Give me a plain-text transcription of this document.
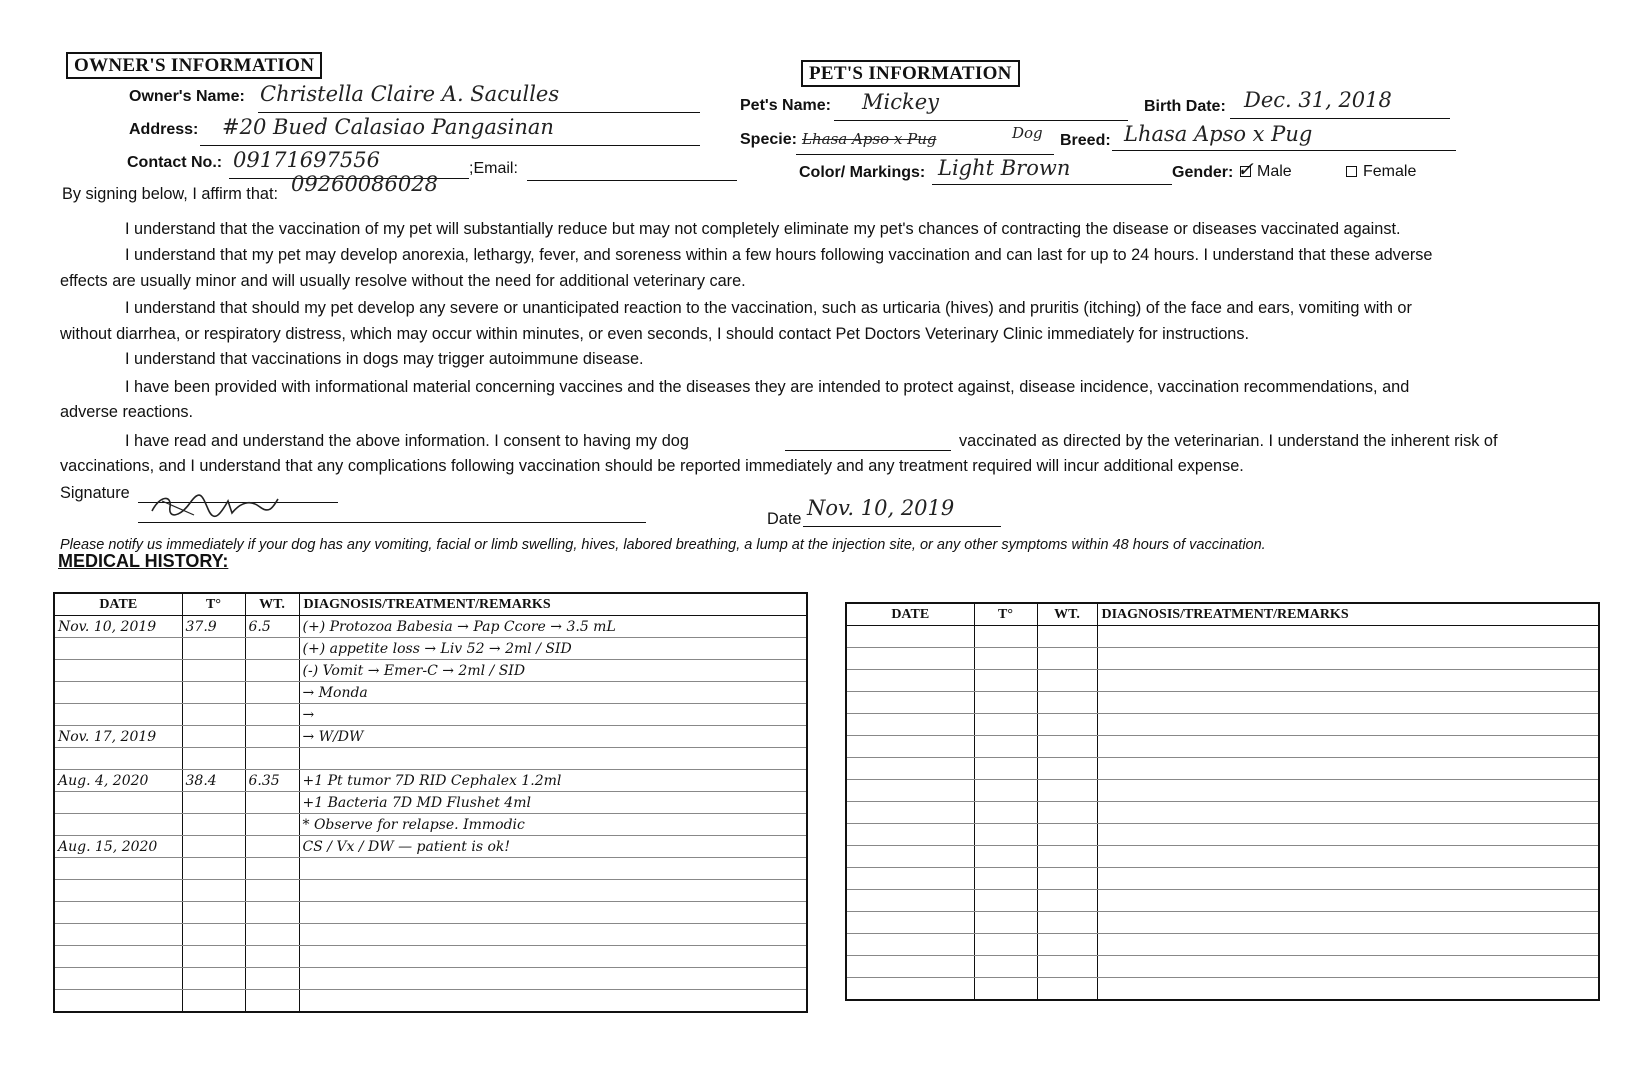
OWNER'S INFORMATION
Owner's Name: Christella Claire A. Saculles
Address: #20 Bued Calasiao Pangasinan
Contact No.: 09171697556	;Email:
By signing below, I affirm that: 09260086028
PET'S INFORMATION
Pet's Name: Mickey	Birth Date: Dec. 31, 2018
Specie: Lhasa Apso x Pug	Dog Breed: Lhasa Apso x Pug
Color/ Markings: Light Brown	Gender: ✓ Male	Female
I understand that the vaccination of my pet will substantially reduce but may not completely eliminate my pet's chances of contracting the disease or diseases vaccinated against.
I understand that my pet may develop anorexia, lethargy, fever, and soreness within a few hours following vaccination and can last for up to 24 hours. I understand that these adverse
effects are usually minor and will usually resolve without the need for additional veterinary care.
I understand that should my pet develop any severe or unanticipated reaction to the vaccination, such as urticaria (hives) and pruritis (itching) of the face and ears, vomiting with or
without diarrhea, or respiratory distress, which may occur within minutes, or even seconds, I should contact Pet Doctors Veterinary Clinic immediately for instructions.
I understand that vaccinations in dogs may trigger autoimmune disease.
I have been provided with informational material concerning vaccines and the diseases they are intended to protect against, disease incidence, vaccination recommendations, and
adverse reactions.
I have read and understand the above information. I consent to having my dog	vaccinated as directed by the veterinarian. I understand the inherent risk of
vaccinations, and I understand that any complications following vaccination should be reported immediately and any treatment required will incur additional expense.
Signature
Date Nov. 10, 2019
Please notify us immediately if your dog has any vomiting, facial or limb swelling, hives, labored breathing, a lump at the injection site, or any other symptoms within 48 hours of vaccination.
MEDICAL HISTORY:
DATE	T°	WT.	DIAGNOSIS/TREATMENT/REMARKS
Nov. 10, 2019	37.9	6.5	(+) Protozoa Babesia → Pap Ccore → 3.5 mL
			(+) appetite loss → Liv 52 → 2ml / SID
			(-) Vomit → Emer-C → 2ml / SID
			→ Monda
			→
Nov. 17, 2019			→ W/DW

Aug. 4, 2020	38.4	6.35	+1 Pt tumor 7D RID Cephalex 1.2ml
			+1 Bacteria 7D MD Flushet 4ml
			* Observe for relapse. Immodic
Aug. 15, 2020			CS / Vx / DW — patient is ok!

DATE	T°	WT.	DIAGNOSIS/TREATMENT/REMARKS
